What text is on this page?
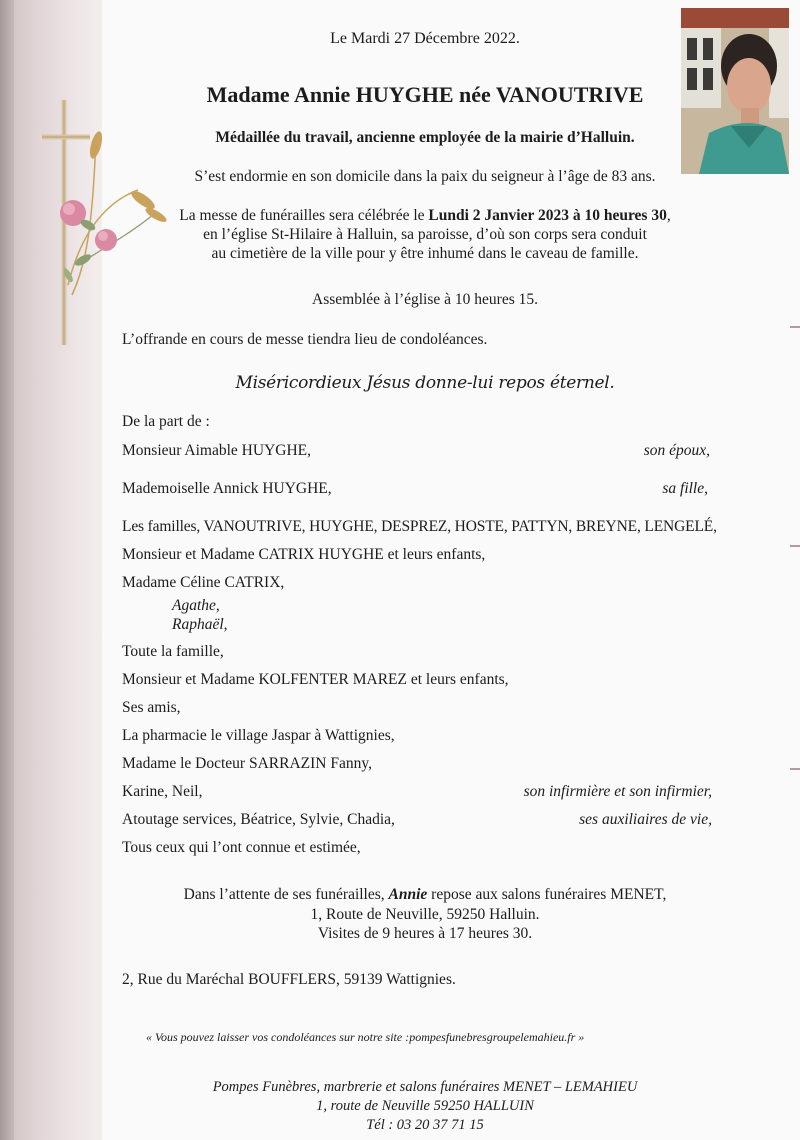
Le Mardi 27 Décembre 2022.
Madame Annie HUYGHE née VANOUTRIVE
Médaillée du travail, ancienne employée de la mairie d’Halluin.
S’est endormie en son domicile dans la paix du seigneur à l’âge de 83 ans.
La messe de funérailles sera célébrée le Lundi 2 Janvier 2023 à 10 heures 30,
en l’église St-Hilaire à Halluin, sa paroisse, d’où son corps sera conduit
au cimetière de la ville pour y être inhumé dans le caveau de famille.
Assemblée à l’église à 10 heures 15.
L’offrande en cours de messe tiendra lieu de condoléances.
Miséricordieux Jésus donne-lui repos éternel.
De la part de :
Monsieur Aimable HUYGHE,	son époux,
Mademoiselle Annick HUYGHE,	sa fille,
Les familles, VANOUTRIVE, HUYGHE, DESPREZ, HOSTE, PATTYN, BREYNE, LENGELÉ,
Monsieur et Madame CATRIX HUYGHE et leurs enfants,
Madame Céline CATRIX,
Agathe,
Raphaël,
Toute la famille,
Monsieur et Madame KOLFENTER MAREZ et leurs enfants,
Ses amis,
La pharmacie le village Jaspar à Wattignies,
Madame le Docteur SARRAZIN Fanny,
Karine, Neil,	son infirmière et son infirmier,
Atoutage services, Béatrice, Sylvie, Chadia,	ses auxiliaires de vie,
Tous ceux qui l’ont connue et estimée,
Dans l’attente de ses funérailles, Annie repose aux salons funéraires MENET,
1, Route de Neuville, 59250 Halluin.
Visites de 9 heures à 17 heures 30.
2, Rue du Maréchal BOUFFLERS, 59139 Wattignies.
« Vous pouvez laisser vos condoléances sur notre site :pompesfunebresgroupelemahieu.fr »
Pompes Funèbres, marbrerie et salons funéraires MENET – LEMAHIEU
1, route de Neuville 59250 HALLUIN
Tél : 03 20 37 71 15
